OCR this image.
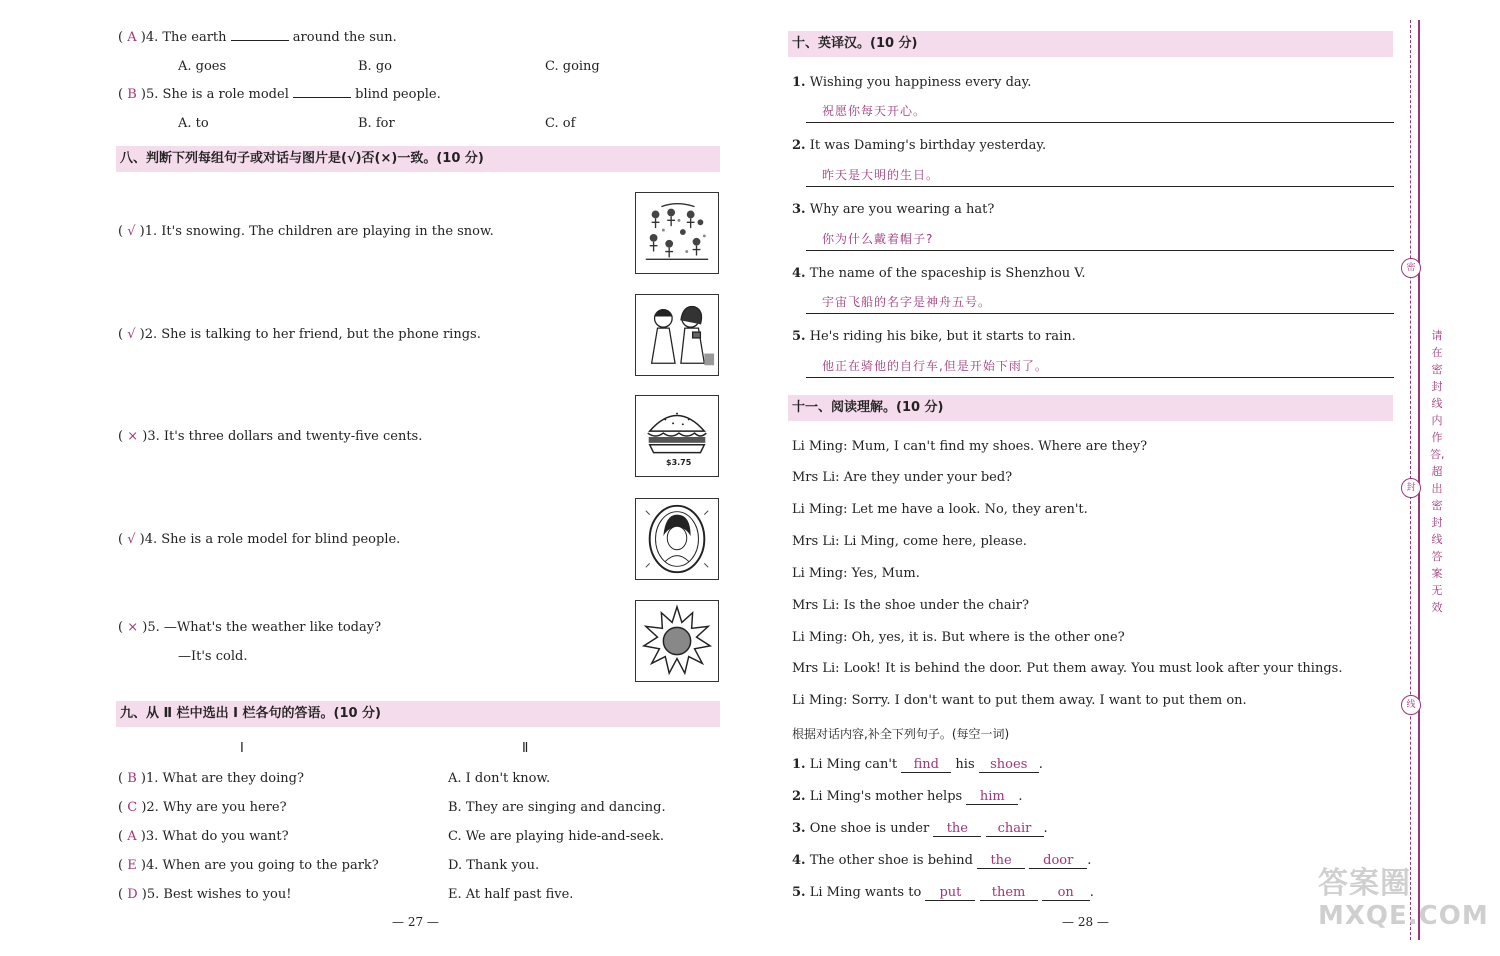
( A )4. The earth	around the sun.
A. goes	B. go	C. going
( B )5. She is a role model	blind people.
A. to	B. for	C. of
八、判断下列每组句子或对话与图片是(√)否(×)一致。(10 分)
( √ )1. It's snowing. The children are playing in the snow.
( √ )2. She is talking to her friend, but the phone rings.
( × )3. It's three dollars and twenty-five cents.
$3.75
( √ )4. She is a role model for blind people.
( × )5. —What's the weather like today?
—It's cold.
九、从 Ⅱ 栏中选出 Ⅰ 栏各句的答语。(10 分)
Ⅰ	Ⅱ
( B )1. What are they doing?	A. I don't know.
( C )2. Why are you here?	B. They are singing and dancing.
( A )3. What do you want?	C. We are playing hide-and-seek.
( E )4. When are you going to the park?	D. Thank you.
( D )5. Best wishes to you!	E. At half past five.
— 27 —
十、英译汉。(10 分)
1. Wishing you happiness every day.
祝愿你每天开心。
2. It was Daming's birthday yesterday.
昨天是大明的生日。
3. Why are you wearing a hat?
你为什么戴着帽子?
4. The name of the spaceship is Shenzhou V.
宇宙飞船的名字是神舟五号。
5. He's riding his bike, but it starts to rain.
他正在骑他的自行车,但是开始下雨了。
十一、阅读理解。(10 分)
Li Ming: Mum, I can't find my shoes. Where are they?
Mrs Li: Are they under your bed?
Li Ming: Let me have a look. No, they aren't.
Mrs Li: Li Ming, come here, please.
Li Ming: Yes, Mum.
Mrs Li: Is the shoe under the chair?
Li Ming: Oh, yes, it is. But where is the other one?
Mrs Li: Look! It is behind the door. Put them away. You must look after your things.
Li Ming: Sorry. I don't want to put them away. I want to put them on.
根据对话内容,补全下列句子。(每空一词)
1. Li Ming can't find his shoes .
2. Li Ming's mother helps him .
3. One shoe is under the chair .
4. The other shoe is behind the door .
5. Li Ming wants to put them on .
— 28 —
密
封
线
请在密封线内作答,超出密封线答案无效
答案圈
MXQE.COM
